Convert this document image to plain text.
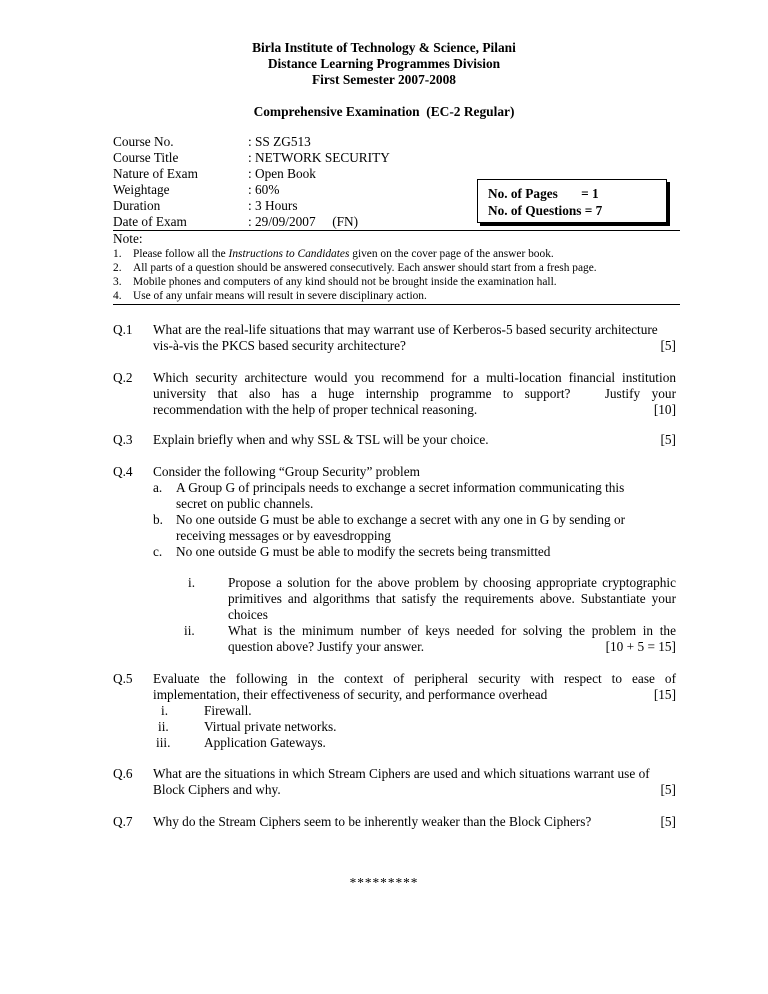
Birla Institute of Technology & Science, Pilani
Distance Learning Programmes Division
First Semester 2007-2008
Comprehensive Examination  (EC-2 Regular)
Course No.	: SS ZG513
Course Title	: NETWORK SECURITY
Nature of Exam	: Open Book
Weightage	: 60%
Duration	: 3 Hours
Date of Exam	: 29/09/2007     (FN)
No. of Pages       = 1
No. of Questions = 7
Note:
1. Please follow all the Instructions to Candidates given on the cover page of the answer book.
2. All parts of a question should be answered consecutively. Each answer should start from a fresh page.
3. Mobile phones and computers of any kind should not be brought inside the examination hall.
4. Use of any unfair means will result in severe disciplinary action.
Q.1 What are the real-life situations that may warrant use of Kerberos-5 based security architecture
vis-à-vis the PKCS based security architecture?	[5]
Q.2 Which security architecture would you recommend for a multi-location financial institution
university that also has a huge internship programme to support?   Justify your
recommendation with the help of proper technical reasoning.	[10]
Q.3 Explain briefly when and why SSL & TSL will be your choice.	[5]
Q.4 Consider the following “Group Security” problem
a. A Group G of principals needs to exchange a secret information communicating this
secret on public channels.
b. No one outside G must be able to exchange a secret with any one in G by sending or
receiving messages or by eavesdropping
c. No one outside G must be able to modify the secrets being transmitted
i. Propose a solution for the above problem by choosing appropriate cryptographic
primitives and algorithms that satisfy the requirements above. Substantiate your
choices
ii.	What is the minimum number of keys needed for solving the problem in the
question above? Justify your answer.	[10 + 5 = 15]
Q.5 Evaluate the following in the context of peripheral security with respect to ease of
implementation, their effectiveness of security, and performance overhead	[15]
i.	Firewall.
ii.	Virtual private networks.
iii.	Application Gateways.
Q.6 What are the situations in which Stream Ciphers are used and which situations warrant use of
Block Ciphers and why.	[5]
Q.7 Why do the Stream Ciphers seem to be inherently weaker than the Block Ciphers?	[5]
*********
